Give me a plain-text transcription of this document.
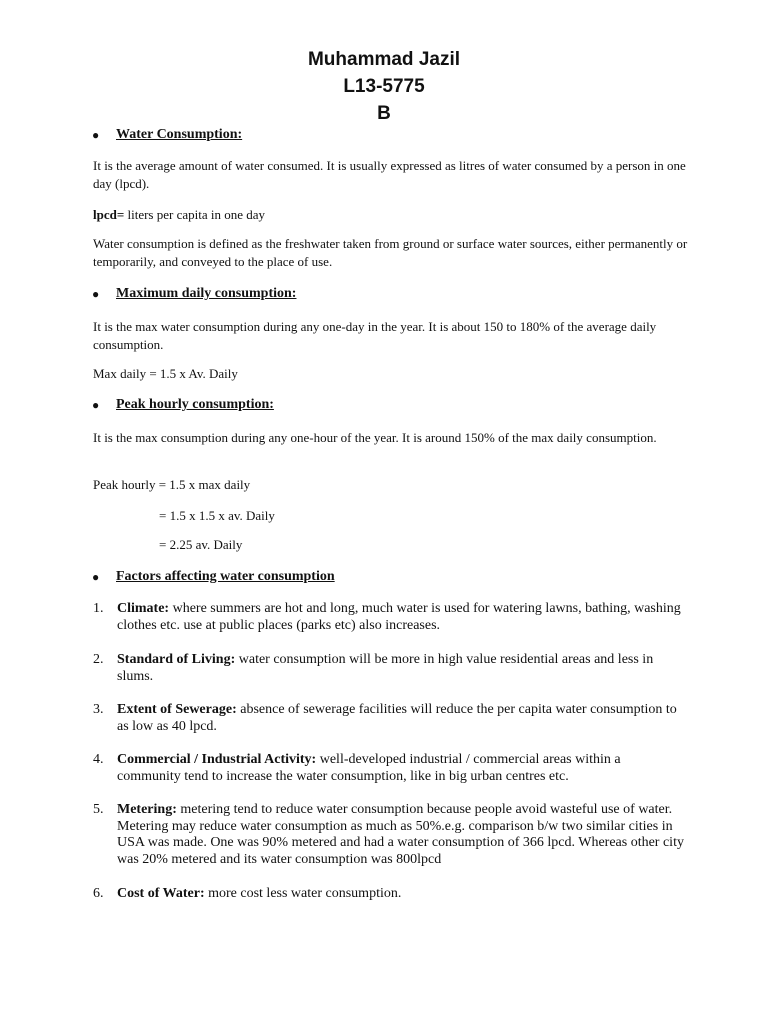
Muhammad Jazil
L13-5775
B
● Water Consumption:
It is the average amount of water consumed. It is usually expressed as litres of water consumed by a person in one day (lpcd).
lpcd= liters per capita in one day
Water consumption is defined as the freshwater taken from ground or surface water sources, either permanently or temporarily, and conveyed to the place of use.
● Maximum daily consumption:
It is the max water consumption during any one-day in the year. It is about 150 to 180% of the average daily consumption.
Max daily = 1.5 x Av. Daily
● Peak hourly consumption:
It is the max consumption during any one-hour of the year. It is around 150% of the max daily consumption.
Peak hourly = 1.5 x max daily
= 1.5 x 1.5 x av. Daily
= 2.25 av. Daily
● Factors affecting water consumption
1. Climate: where summers are hot and long, much water is used for watering lawns, bathing, washing clothes etc. use at public places (parks etc) also increases.
2. Standard of Living: water consumption will be more in high value residential areas and less in slums.
3. Extent of Sewerage: absence of sewerage facilities will reduce the per capita water consumption to as low as 40 lpcd.
4. Commercial / Industrial Activity: well-developed industrial / commercial areas within a community tend to increase the water consumption, like in big urban centres etc.
5. Metering: metering tend to reduce water consumption because people avoid wasteful use of water. Metering may reduce water consumption as much as 50%.e.g. comparison b/w two similar cities in USA was made. One was 90% metered and had a water consumption of 366 lpcd. Whereas other city was 20% metered and its water consumption was 800lpcd
6. Cost of Water: more cost less water consumption.
